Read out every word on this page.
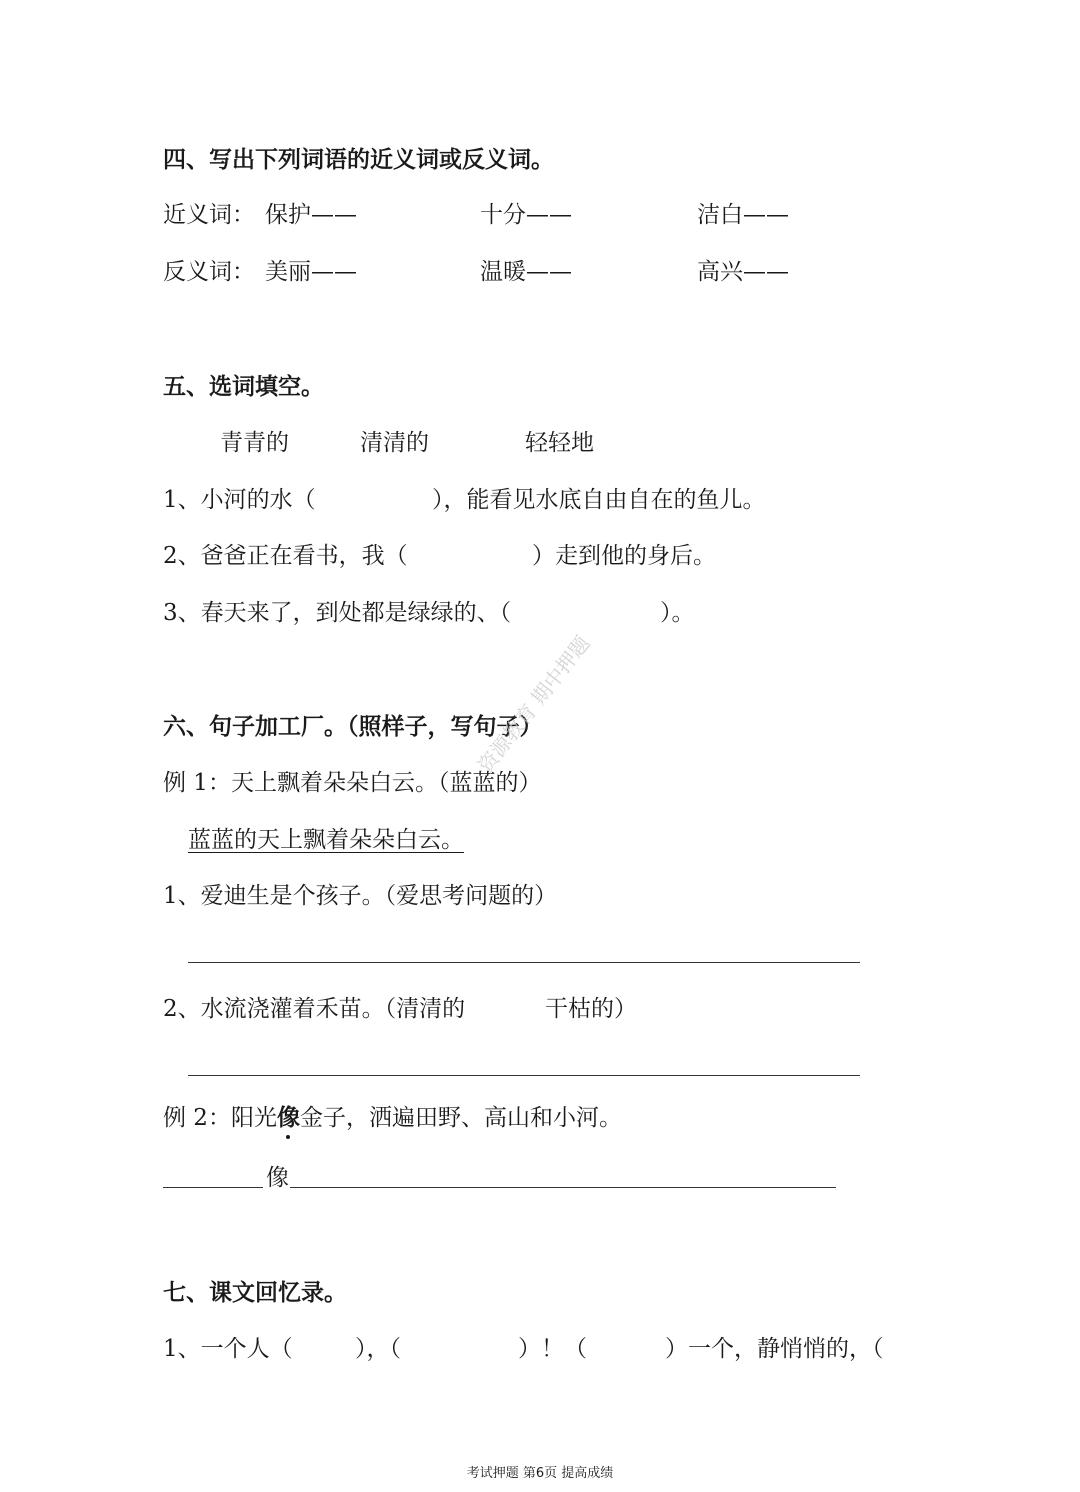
四、写出下列词语的近义词或反义词。
近义词： 保护——	十分——	洁白——
反义词： 美丽——	温暖——	高兴——
五、选词填空。
青青的	清清的	轻轻地
1、小河的水（	），能看见水底自由自在的鱼儿。
2、爸爸正在看书，我（	）走到他的身后。
3、春天来了，到处都是绿绿的、（	）。
六、句子加工厂。（照样子，写句子）
例 1：天上飘着朵朵白云。（蓝蓝的）
蓝蓝的天上飘着朵朵白云。
1、爱迪生是个孩子。（爱思考问题的）
2、水流浇灌着禾苗。（清清的	干枯的）
例 2：阳光像金子，洒遍田野、高山和小河。
像
七、课文回忆录。
1、一个人（	），（	）！（	）一个，静悄悄的，（
资源教育 期中押题
考试押题 第6页 提高成绩
